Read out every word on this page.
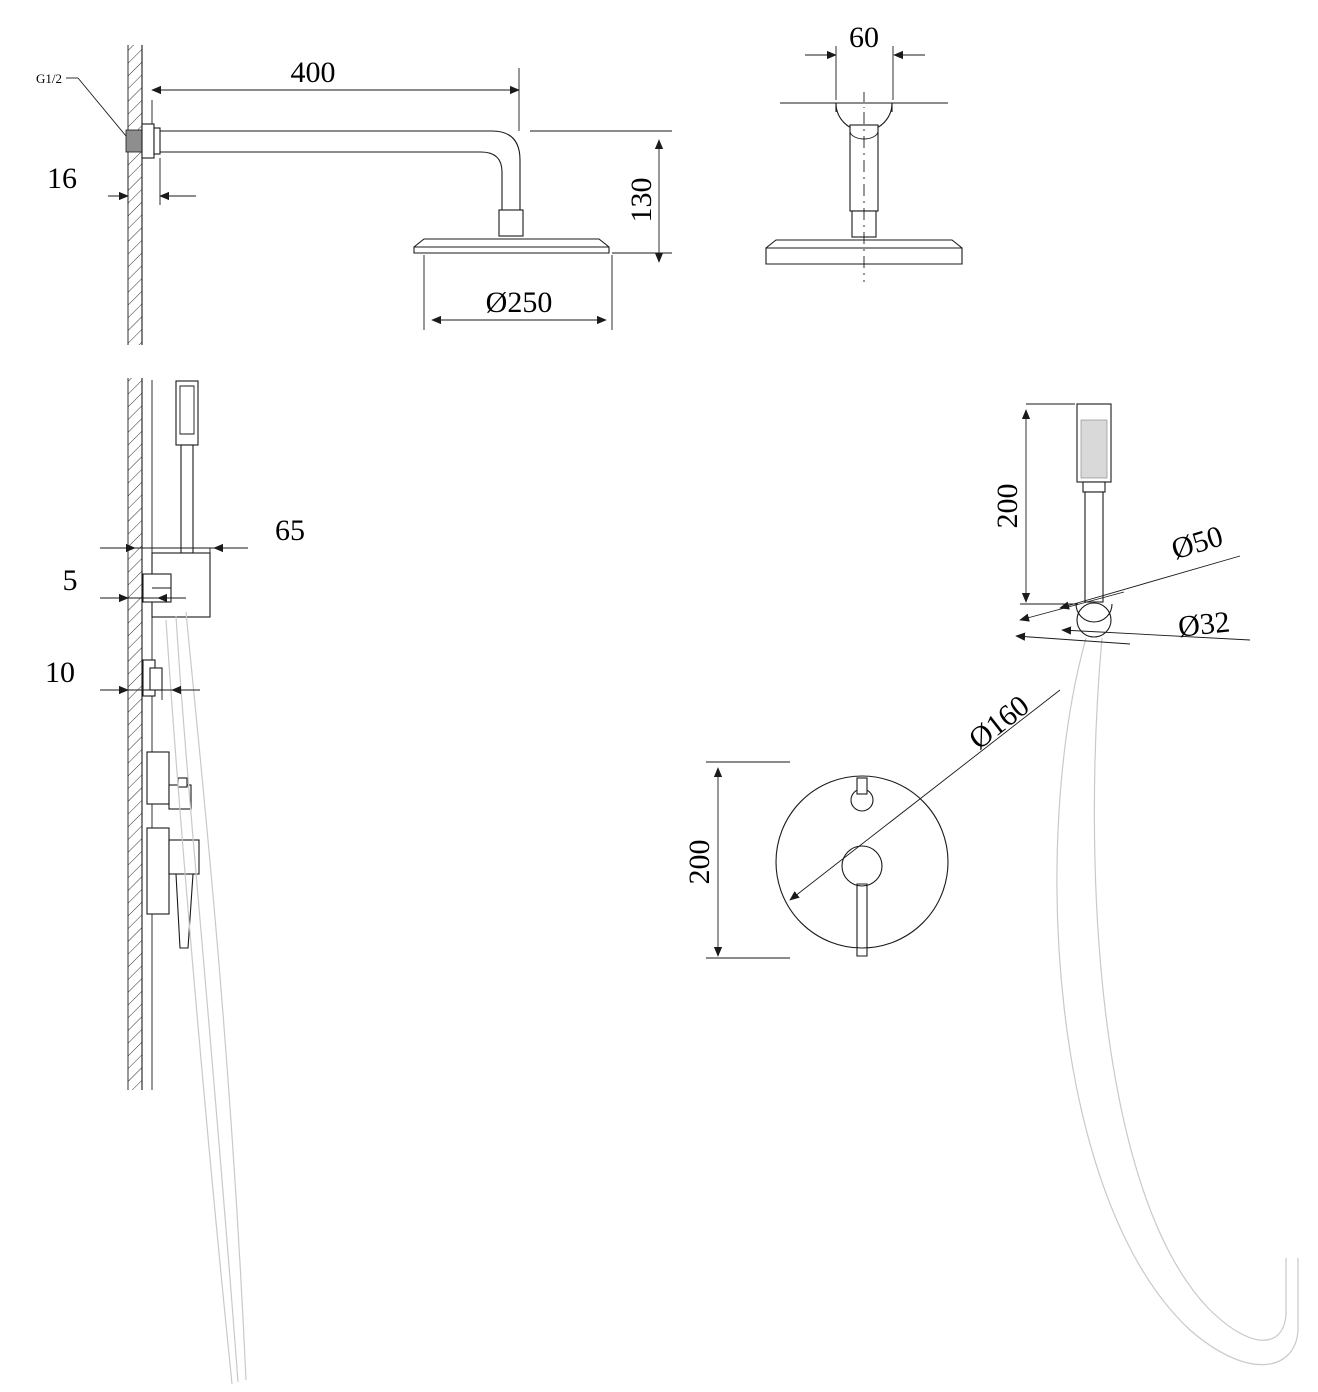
400
16	130
Ø250
G1/2
60
65
5
10
200
Ø50
Ø32
Ø160
200
